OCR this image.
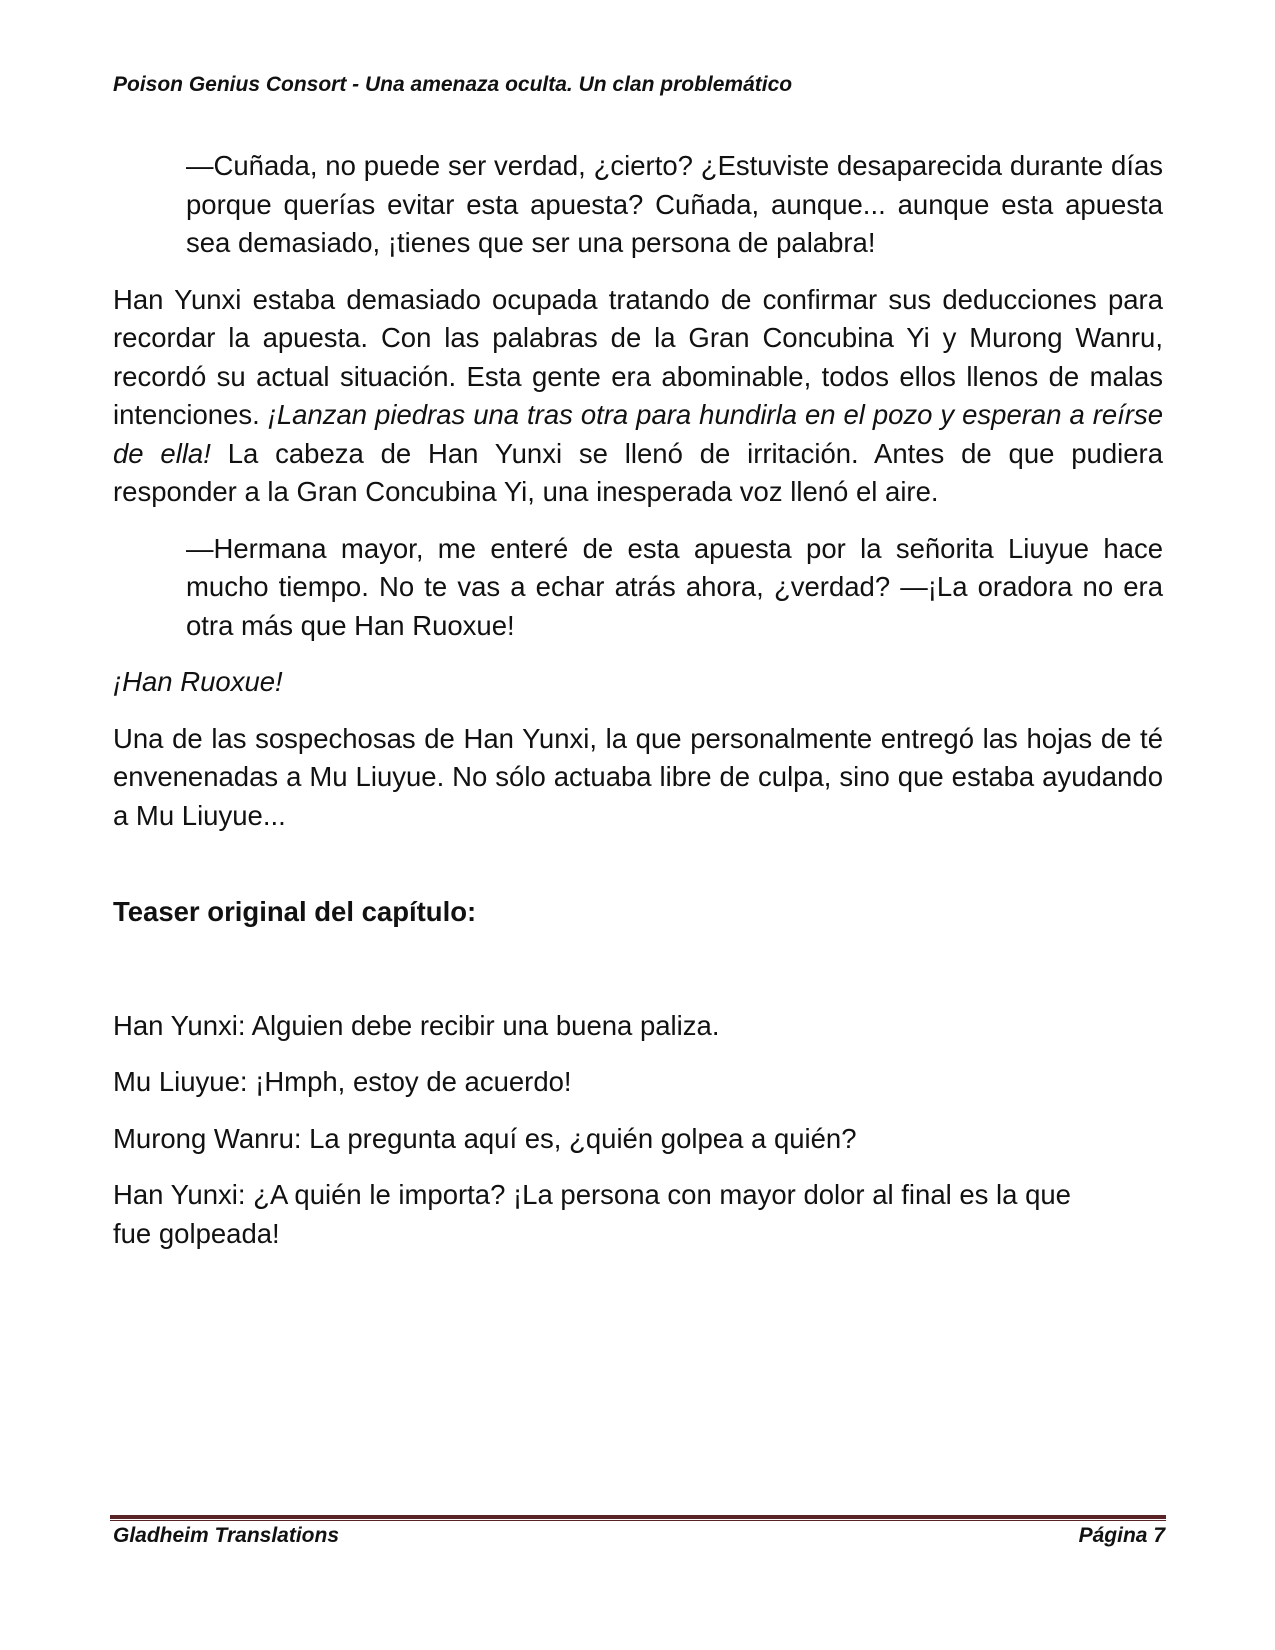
Poison Genius Consort - Una amenaza oculta. Un clan problemático

—Cuñada, no puede ser verdad, ¿cierto? ¿Estuviste desaparecida durante días porque querías evitar esta apuesta? Cuñada, aunque... aunque esta apuesta sea demasiado, ¡tienes que ser una persona de palabra!

Han Yunxi estaba demasiado ocupada tratando de confirmar sus deducciones para recordar la apuesta. Con las palabras de la Gran Concubina Yi y Murong Wanru, recordó su actual situación. Esta gente era abominable, todos ellos llenos de malas intenciones. ¡Lanzan piedras una tras otra para hundirla en el pozo y esperan a reírse de ella! La cabeza de Han Yunxi se llenó de irritación. Antes de que pudiera responder a la Gran Concubina Yi, una inesperada voz llenó el aire.

—Hermana mayor, me enteré de esta apuesta por la señorita Liuyue hace mucho tiempo. No te vas a echar atrás ahora, ¿verdad? —¡La oradora no era otra más que Han Ruoxue!

¡Han Ruoxue!

Una de las sospechosas de Han Yunxi, la que personalmente entregó las hojas de té envenenadas a Mu Liuyue. No sólo actuaba libre de culpa, sino que estaba ayudando a Mu Liuyue...

Teaser original del capítulo:

Han Yunxi: Alguien debe recibir una buena paliza.

Mu Liuyue: ¡Hmph, estoy de acuerdo!

Murong Wanru: La pregunta aquí es, ¿quién golpea a quién?

Han Yunxi: ¿A quién le importa? ¡La persona con mayor dolor al final es la que fue golpeada!

Gladheim Translations	Página 7
